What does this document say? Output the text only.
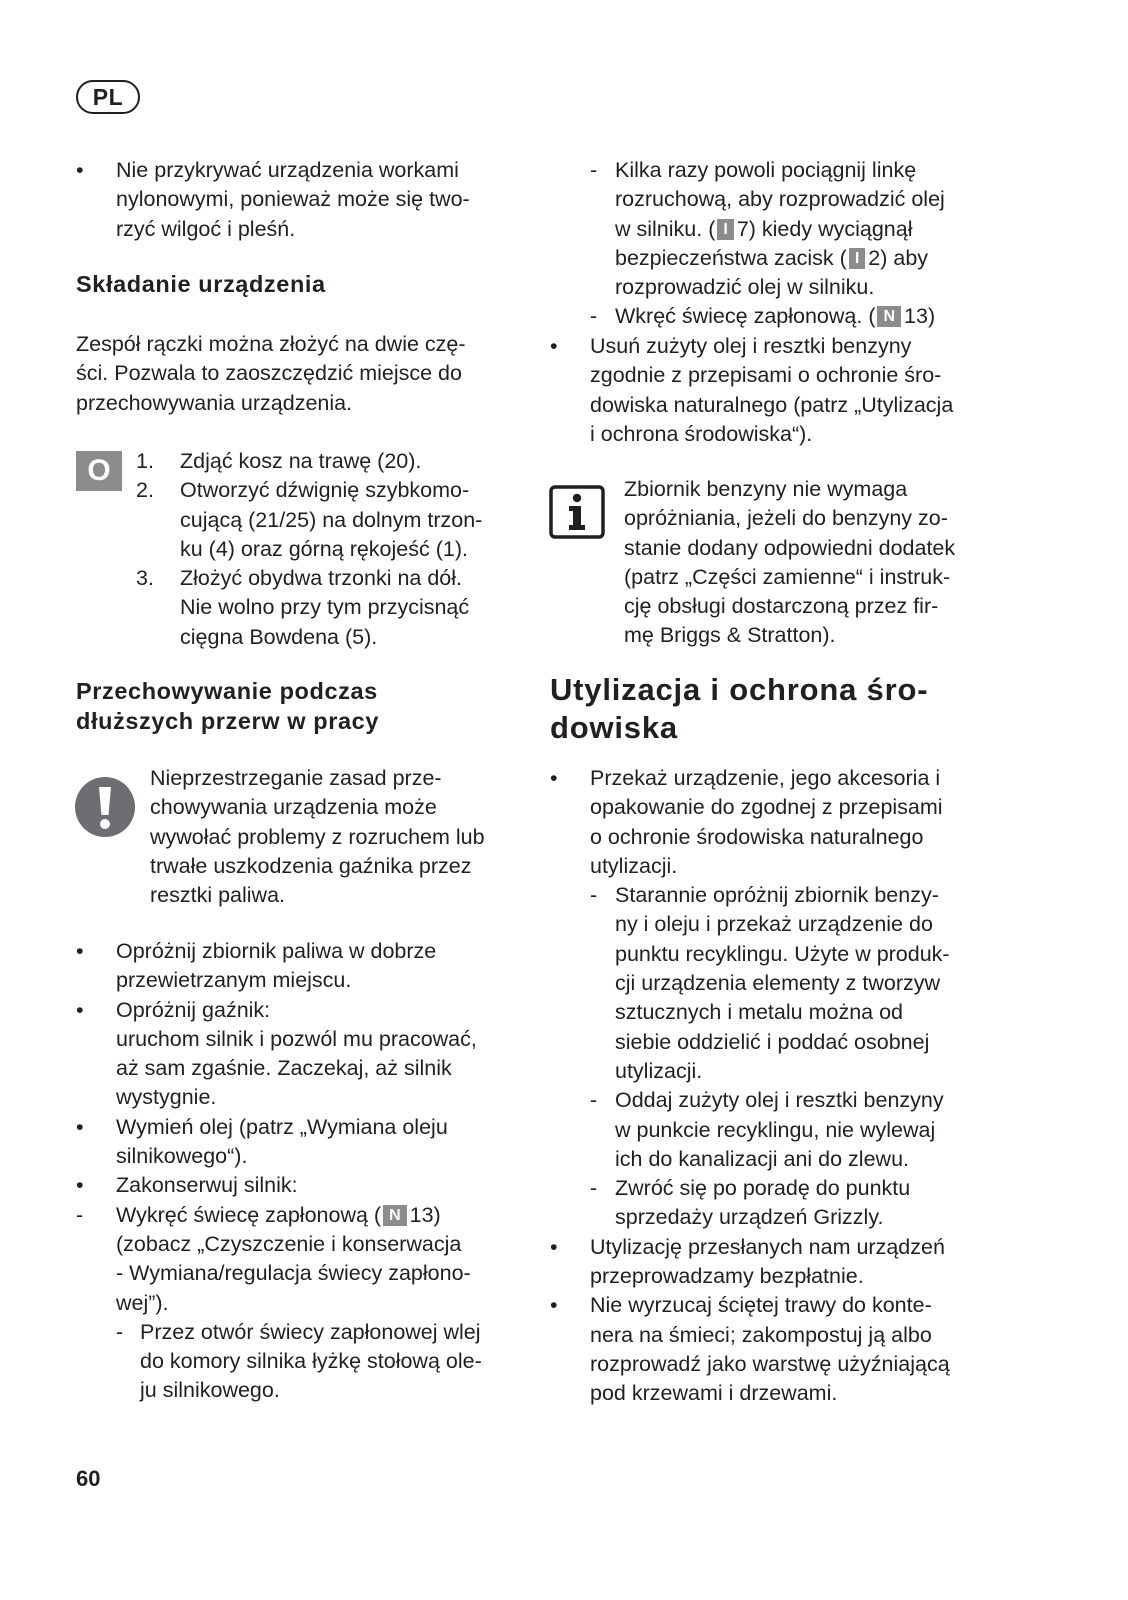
PL
• Nie przykrywać urządzenia workami
nylonowymi, ponieważ może się two-
rzyć wilgoć i pleśń.
Składanie urządzenia
Zespół rączki można złożyć na dwie czę-
ści. Pozwala to zaoszczędzić miejsce do
przechowywania urządzenia.
O	1. Zdjąć kosz na trawę (20).
2. Otworzyć dźwignię szybkomo-
cującą (21/25) na dolnym trzon-
ku (4) oraz górną rękojeść (1).
3. Złożyć obydwa trzonki na dół.
Nie wolno przy tym przycisnąć
cięgna Bowdena (5).
Przechowywanie podczas
dłuższych przerw w pracy
Nieprzestrzeganie zasad prze-
chowywania urządzenia może
wywołać problemy z rozruchem lub
trwałe uszkodzenia gaźnika przez
resztki paliwa.
• Opróżnij zbiornik paliwa w dobrze
przewietrzanym miejscu.
• Opróżnij gaźnik:
uruchom silnik i pozwól mu pracować,
aż sam zgaśnie. Zaczekaj, aż silnik
wystygnie.
• Wymień olej (patrz „Wymiana oleju
silnikowego“).
• Zakonserwuj silnik:
- Wykręć świecę zapłonową ( N 13)
(zobacz „Czyszczenie i konserwacja
- Wymiana/regulacja świecy zapłono-
wej”).
- Przez otwór świecy zapłonowej wlej
do komory silnika łyżkę stołową ole-
ju silnikowego.
- Kilka razy powoli pociągnij linkę
rozruchową, aby rozprowadzić olej
w silniku. ( I 7) kiedy wyciągnął
bezpieczeństwa zacisk ( I 2) aby
rozprowadzić olej w silniku.
- Wkręć świecę zapłonową. ( N 13)
• Usuń zużyty olej i resztki benzyny
zgodnie z przepisami o ochronie śro-
dowiska naturalnego (patrz „Utylizacja
i ochrona środowiska“).
Zbiornik benzyny nie wymaga
opróżniania, jeżeli do benzyny zo-
stanie dodany odpowiedni dodatek
(patrz „Części zamienne“ i instruk-
cję obsługi dostarczoną przez fir-
mę Briggs & Stratton).
Utylizacja i ochrona śro-
dowiska
• Przekaż urządzenie, jego akcesoria i
opakowanie do zgodnej z przepisami
o ochronie środowiska naturalnego
utylizacji.
- Starannie opróżnij zbiornik benzy-
ny i oleju i przekaż urządzenie do
punktu recyklingu. Użyte w produk-
cji urządzenia elementy z tworzyw
sztucznych i metalu można od
siebie oddzielić i poddać osobnej
utylizacji.
- Oddaj zużyty olej i resztki benzyny
w punkcie recyklingu, nie wylewaj
ich do kanalizacji ani do zlewu.
- Zwróć się po poradę do punktu
sprzedaży urządzeń Grizzly.
• Utylizację przesłanych nam urządzeń
przeprowadzamy bezpłatnie.
• Nie wyrzucaj ściętej trawy do konte-
nera na śmieci; zakompostuj ją albo
rozprowadź jako warstwę użyźniającą
pod krzewami i drzewami.
60
